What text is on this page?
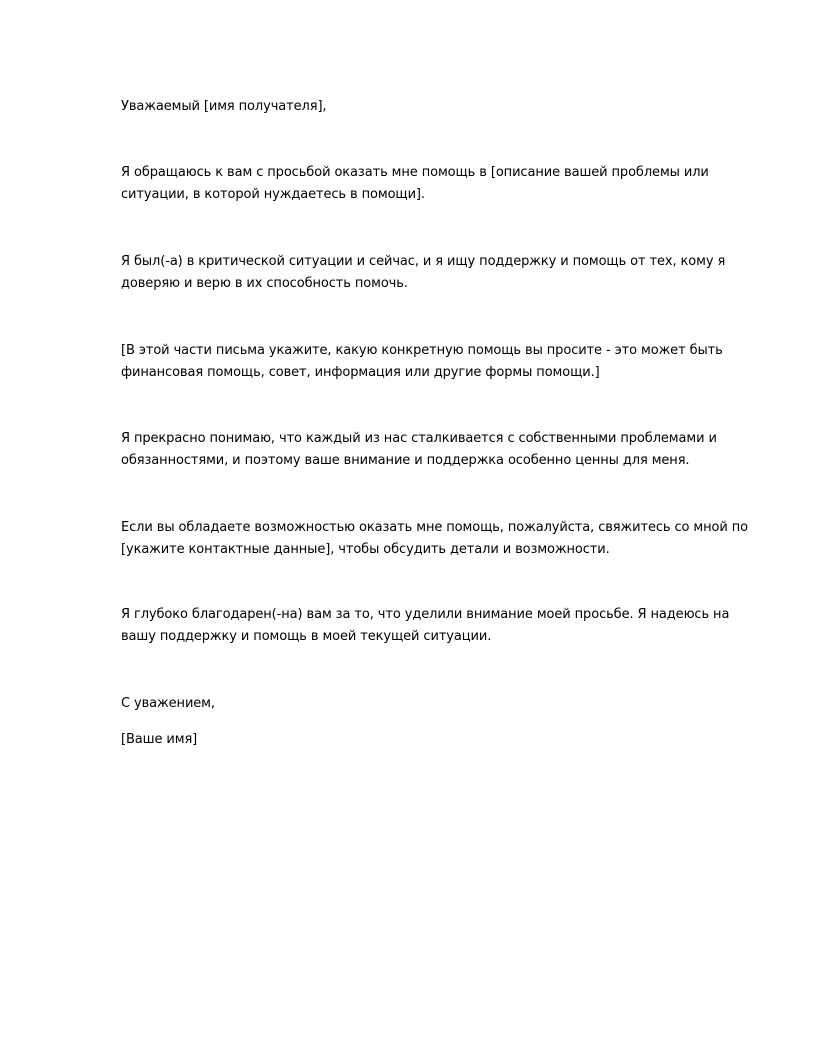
Уважаемый [имя получателя],

Я обращаюсь к вам с просьбой оказать мне помощь в [описание вашей проблемы или
ситуации, в которой нуждаетесь в помощи].

Я был(-а) в критической ситуации и сейчас, и я ищу поддержку и помощь от тех, кому я
доверяю и верю в их способность помочь.

[В этой части письма укажите, какую конкретную помощь вы просите - это может быть
финансовая помощь, совет, информация или другие формы помощи.]

Я прекрасно понимаю, что каждый из нас сталкивается с собственными проблемами и
обязанностями, и поэтому ваше внимание и поддержка особенно ценны для меня.

Если вы обладаете возможностью оказать мне помощь, пожалуйста, свяжитесь со мной по
[укажите контактные данные], чтобы обсудить детали и возможности.

Я глубоко благодарен(-на) вам за то, что уделили внимание моей просьбе. Я надеюсь на
вашу поддержку и помощь в моей текущей ситуации.

С уважением,

[Ваше имя]
